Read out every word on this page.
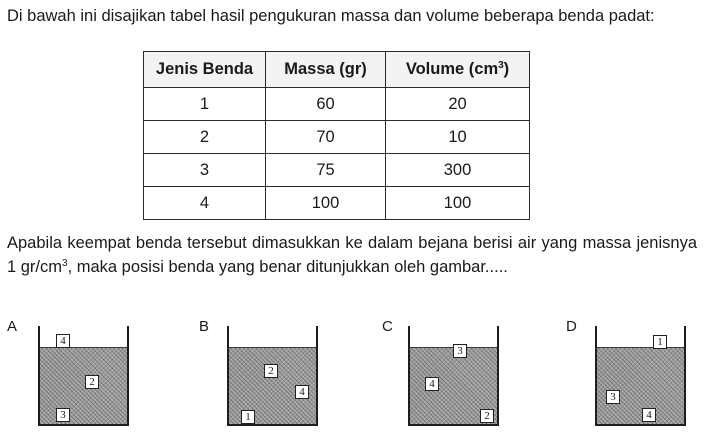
Di bawah ini disajikan tabel hasil pengukuran massa dan volume beberapa benda padat:
Jenis Benda	Massa (gr)	Volume $(cm^3)$
1	60	20
2	70	10
3	75	300
4	100	100
Apabila keempat benda tersebut dimasukkan ke dalam bejana berisi air yang massa jenisnya 1 $gr/cm^3$, maka posisi benda yang benar ditunjukkan oleh gambar.....
A
4
2
3
B
2
4
1
C
3
4
2
D
1
3
4
